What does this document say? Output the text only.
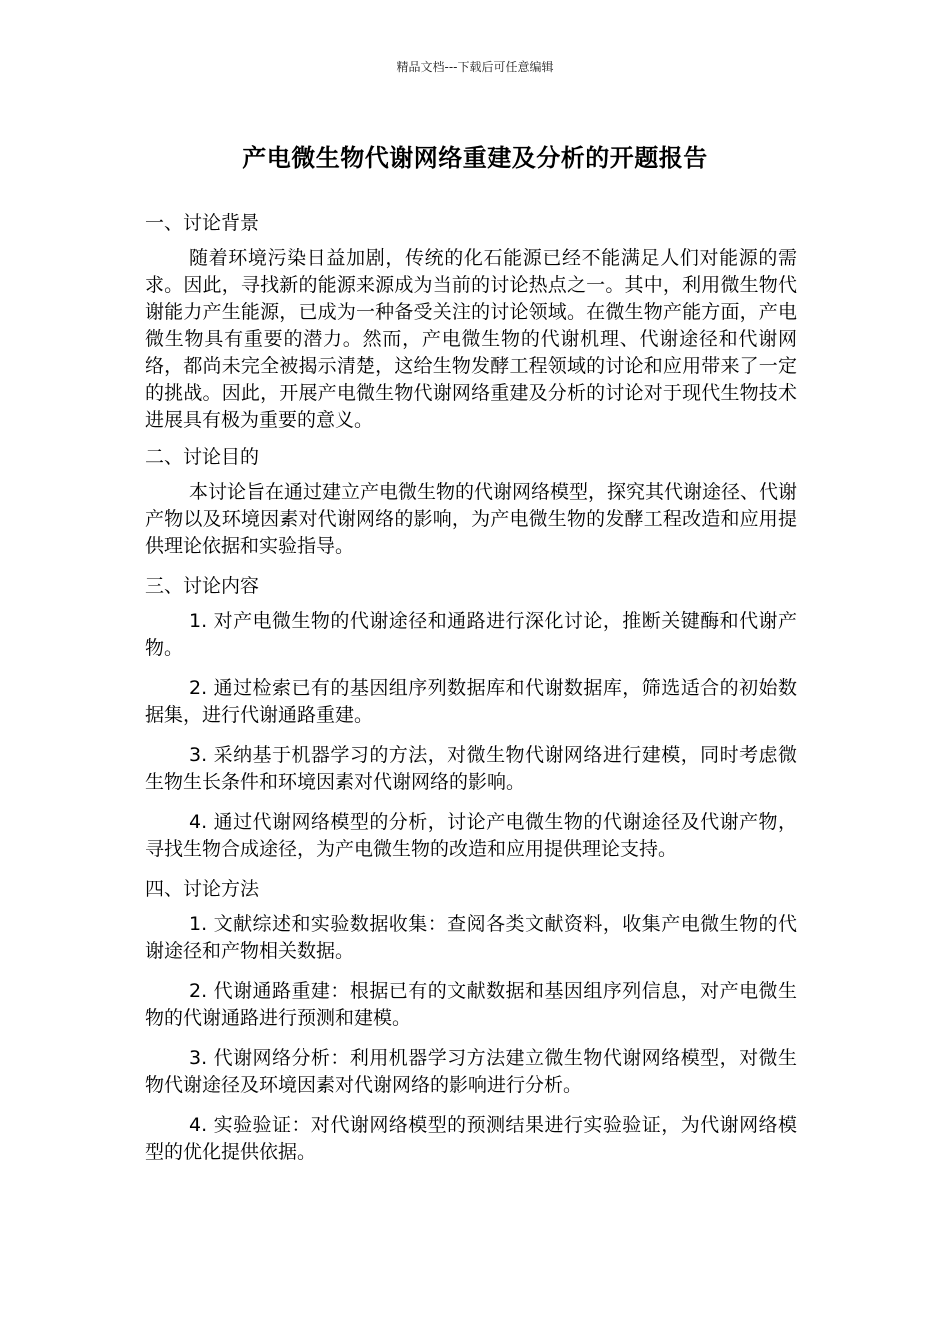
精品文档---下载后可任意编辑
产电微生物代谢网络重建及分析的开题报告
一、讨论背景

随着环境污染日益加剧，传统的化石能源已经不能满足人们对能源的需求。因此，寻找新的能源来源成为当前的讨论热点之一。其中，利用微生物代谢能力产生能源，已成为一种备受关注的讨论领域。在微生物产能方面，产电微生物具有重要的潜力。然而，产电微生物的代谢机理、代谢途径和代谢网络，都尚未完全被揭示清楚，这给生物发酵工程领域的讨论和应用带来了一定的挑战。因此，开展产电微生物代谢网络重建及分析的讨论对于现代生物技术进展具有极为重要的意义。

二、讨论目的

本讨论旨在通过建立产电微生物的代谢网络模型，探究其代谢途径、代谢产物以及环境因素对代谢网络的影响，为产电微生物的发酵工程改造和应用提供理论依据和实验指导。

三、讨论内容

1. 对产电微生物的代谢途径和通路进行深化讨论，推断关键酶和代谢产物。

2. 通过检索已有的基因组序列数据库和代谢数据库，筛选适合的初始数据集，进行代谢通路重建。

3. 采纳基于机器学习的方法，对微生物代谢网络进行建模，同时考虑微生物生长条件和环境因素对代谢网络的影响。

4. 通过代谢网络模型的分析，讨论产电微生物的代谢途径及代谢产物，寻找生物合成途径，为产电微生物的改造和应用提供理论支持。

四、讨论方法

1. 文献综述和实验数据收集：查阅各类文献资料，收集产电微生物的代谢途径和产物相关数据。

2. 代谢通路重建：根据已有的文献数据和基因组序列信息，对产电微生物的代谢通路进行预测和建模。

3. 代谢网络分析：利用机器学习方法建立微生物代谢网络模型，对微生物代谢途径及环境因素对代谢网络的影响进行分析。

4. 实验验证：对代谢网络模型的预测结果进行实验验证，为代谢网络模型的优化提供依据。
